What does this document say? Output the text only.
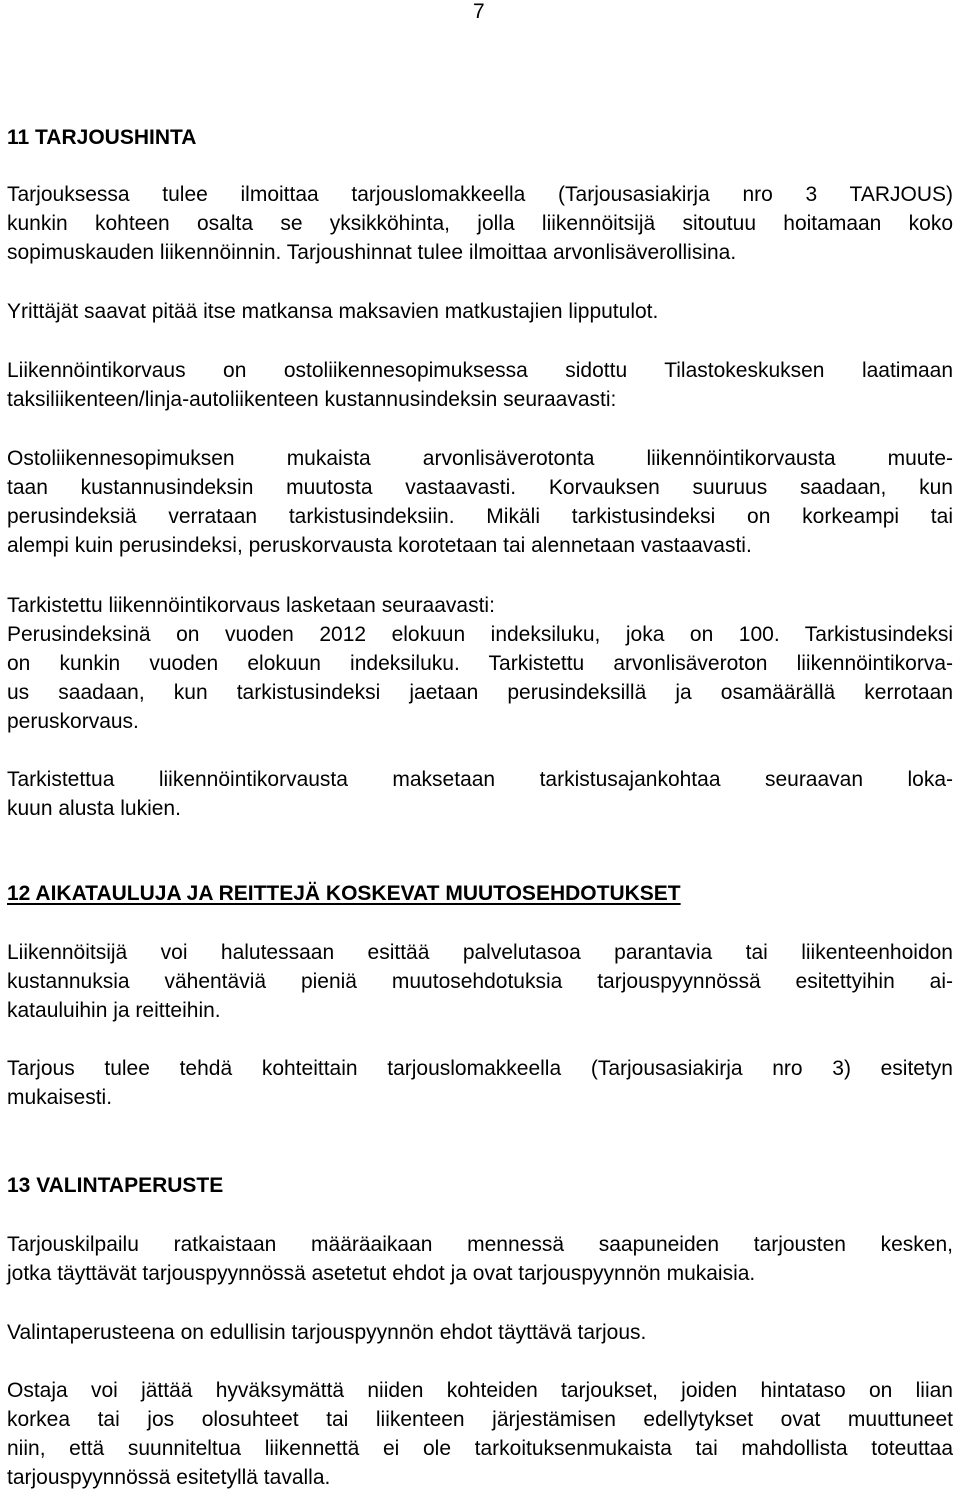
7
11 TARJOUSHINTA
Tarjouksessa tulee ilmoittaa tarjouslomakkeella (Tarjousasiakirja nro 3 TARJOUS)
kunkin kohteen osalta se yksikköhinta, jolla liikennöitsijä sitoutuu hoitamaan koko
sopimuskauden liikennöinnin. Tarjoushinnat tulee ilmoittaa arvonlisäverollisina.
Yrittäjät saavat pitää itse matkansa maksavien matkustajien lipputulot.
Liikennöintikorvaus on ostoliikennesopimuksessa sidottu Tilastokeskuksen laatimaan
taksiliikenteen/linja-autoliikenteen kustannusindeksin seuraavasti:
Ostoliikennesopimuksen mukaista arvonlisäverotonta liikennöintikorvausta muute-
taan kustannusindeksin muutosta vastaavasti. Korvauksen suuruus saadaan, kun
perusindeksiä verrataan tarkistusindeksiin. Mikäli tarkistusindeksi on korkeampi tai
alempi kuin perusindeksi, peruskorvausta korotetaan tai alennetaan vastaavasti.
Tarkistettu liikennöintikorvaus lasketaan seuraavasti:
Perusindeksinä on vuoden 2012 elokuun indeksiluku, joka on 100. Tarkistusindeksi
on kunkin vuoden elokuun indeksiluku. Tarkistettu arvonlisäveroton liikennöintikorva-
us saadaan, kun tarkistusindeksi jaetaan perusindeksillä ja osamäärällä kerrotaan
peruskorvaus.
Tarkistettua liikennöintikorvausta maksetaan tarkistusajankohtaa seuraavan loka-
kuun alusta lukien.
12 AIKATAULUJA JA REITTEJÄ KOSKEVAT MUUTOSEHDOTUKSET
Liikennöitsijä voi halutessaan esittää palvelutasoa parantavia tai liikenteenhoidon
kustannuksia vähentäviä pieniä muutosehdotuksia tarjouspyynnössä esitettyihin ai-
katauluihin ja reitteihin.
Tarjous tulee tehdä kohteittain tarjouslomakkeella (Tarjousasiakirja nro 3) esitetyn
mukaisesti.
13 VALINTAPERUSTE
Tarjouskilpailu ratkaistaan määräaikaan mennessä saapuneiden tarjousten kesken,
jotka täyttävät tarjouspyynnössä asetetut ehdot ja ovat tarjouspyynnön mukaisia.
Valintaperusteena on edullisin tarjouspyynnön ehdot täyttävä tarjous.
Ostaja voi jättää hyväksymättä niiden kohteiden tarjoukset, joiden hintataso on liian
korkea tai jos olosuhteet tai liikenteen järjestämisen edellytykset ovat muuttuneet
niin, että suunniteltua liikennettä ei ole tarkoituksenmukaista tai mahdollista toteuttaa
tarjouspyynnössä esitetyllä tavalla.
